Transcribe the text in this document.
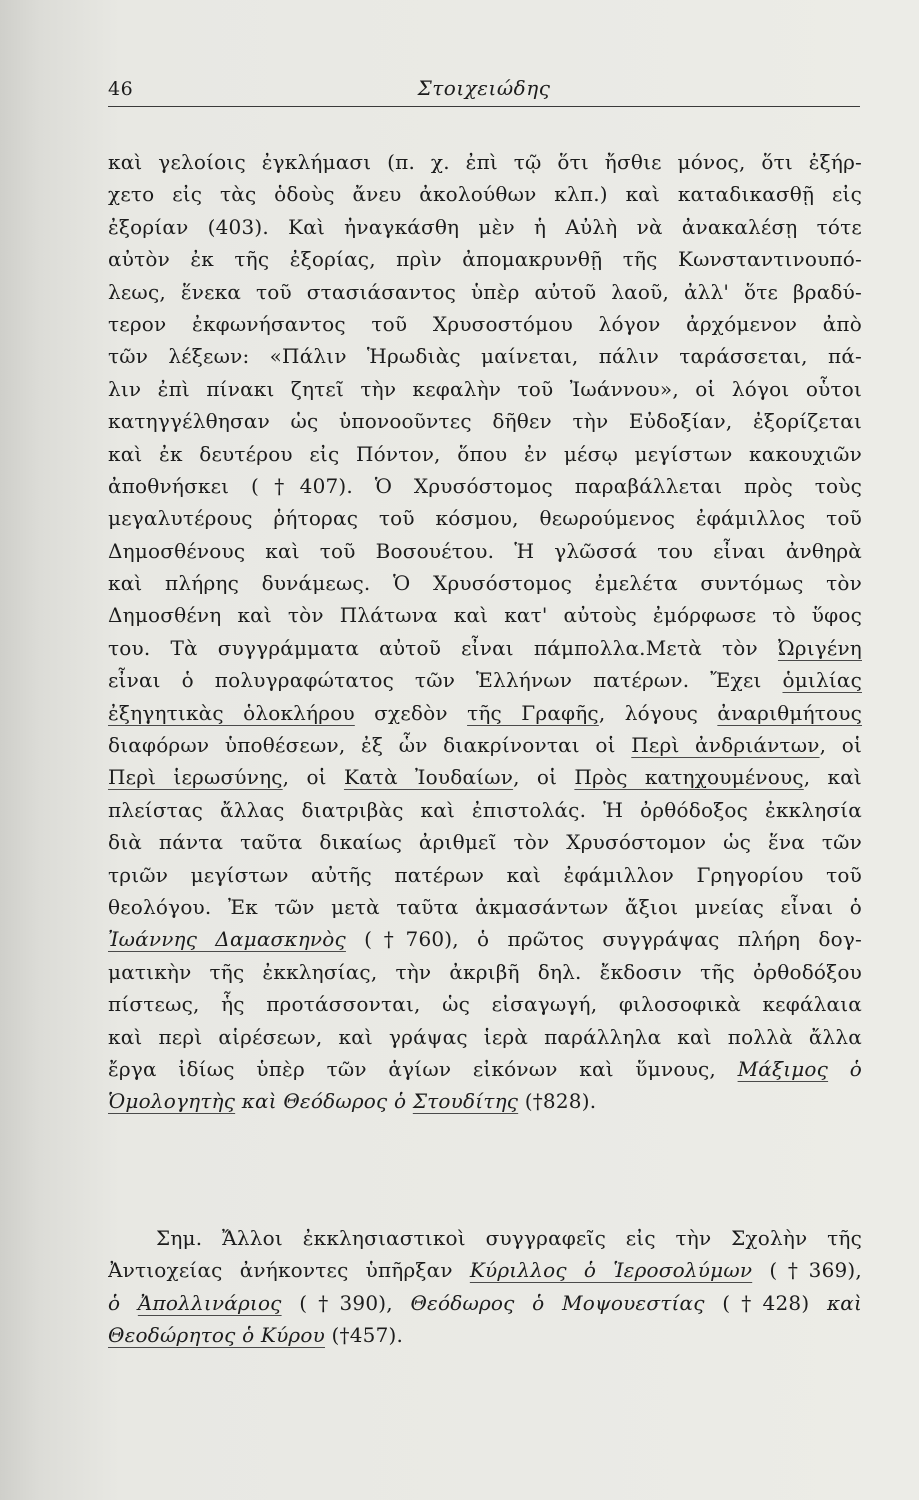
46	Στοιχειώδης
καὶ γελοίοις ἐγκλήμασι (π. χ. ἐπὶ τῷ ὅτι ἤσθιε μόνος, ὅτι ἐξήρ-
χετο εἰς τὰς ὁδοὺς ἄνευ ἀκολούθων κλπ.) καὶ καταδικασθῇ εἰς
ἐξορίαν (403). Καὶ ἠναγκάσθη μὲν ἡ Αὐλὴ νὰ ἀνακαλέσῃ τότε
αὐτὸν ἐκ τῆς ἐξορίας, πρὶν ἀπομακρυνθῇ τῆς Κωνσταντινουπό-
λεως, ἕνεκα τοῦ στασιάσαντος ὑπὲρ αὐτοῦ λαοῦ, ἀλλ' ὅτε βραδύ-
τερον ἐκφωνήσαντος τοῦ Χρυσοστόμου λόγον ἀρχόμενον ἀπὸ
τῶν λέξεων: «Πάλιν Ἡρωδιὰς μαίνεται, πάλιν ταράσσεται, πά-
λιν ἐπὶ πίνακι ζητεῖ τὴν κεφαλὴν τοῦ Ἰωάννου», οἱ λόγοι οὗτοι
κατηγγέλθησαν ὡς ὑπονοοῦντες δῆθεν τὴν Εὐδοξίαν, ἐξορίζεται
καὶ ἐκ δευτέρου εἰς Πόντον, ὅπου ἐν μέσῳ μεγίστων κακουχιῶν
ἀποθνήσκει (†407). Ὁ Χρυσόστομος παραβάλλεται πρὸς τοὺς
μεγαλυτέρους ῥήτορας τοῦ κόσμου, θεωρούμενος ἐφάμιλλος τοῦ
Δημοσθένους καὶ τοῦ Βοσουέτου. Ἡ γλῶσσά του εἶναι ἀνθηρὰ
καὶ πλήρης δυνάμεως. Ὁ Χρυσόστομος ἐμελέτα συντόμως τὸν
Δημοσθένη καὶ τὸν Πλάτωνα καὶ κατ' αὐτοὺς ἐμόρφωσε τὸ ὕφος
του. Τὰ συγγράμματα αὐτοῦ εἶναι πάμπολλα.Μετὰ τὸν Ὠριγένη
εἶναι ὁ πολυγραφώτατος τῶν Ἑλλήνων πατέρων. Ἔχει ὁμιλίας
ἐξηγητικὰς ὁλοκλήρου σχεδὸν τῆς Γραφῆς, λόγους ἀναριθμήτους
διαφόρων ὑποθέσεων, ἐξ ὧν διακρίνονται οἱ Περὶ ἀνδριάντων, οἱ
Περὶ ἱερωσύνης, οἱ Κατὰ Ἰουδαίων, οἱ Πρὸς κατηχουμένους, καὶ
πλείστας ἄλλας διατριβὰς καὶ ἐπιστολάς. Ἡ ὀρθόδοξος ἐκκλησία
διὰ πάντα ταῦτα δικαίως ἀριθμεῖ τὸν Χρυσόστομον ὡς ἕνα τῶν
τριῶν μεγίστων αὐτῆς πατέρων καὶ ἐφάμιλλον Γρηγορίου τοῦ
θεολόγου. Ἐκ τῶν μετὰ ταῦτα ἀκμασάντων ἄξιοι μνείας εἶναι ὁ
Ἰωάννης Δαμασκηνὸς (†760), ὁ πρῶτος συγγράψας πλήρη δογ-
ματικὴν τῆς ἐκκλησίας, τὴν ἀκριβῆ δηλ. ἔκδοσιν τῆς ὀρθοδόξου
πίστεως, ἧς προτάσσονται, ὡς εἰσαγωγή, φιλοσοφικὰ κεφάλαια
καὶ περὶ αἱρέσεων, καὶ γράψας ἱερὰ παράλληλα καὶ πολλὰ ἄλλα
ἔργα ἰδίως ὑπὲρ τῶν ἁγίων εἰκόνων καὶ ὕμνους, Μάξιμος ὁ
Ὁμολογητὴς καὶ Θεόδωρος ὁ Στουδίτης (†828).
Σημ. Ἄλλοι ἐκκλησιαστικοὶ συγγραφεῖς εἰς τὴν Σχολὴν τῆς
Ἀντιοχείας ἀνήκοντες ὑπῆρξαν Κύριλλος ὁ Ἱεροσολύμων (†369),
ὁ Ἀπολλινάριος (†390), Θεόδωρος ὁ Μοψουεστίας (†428) καὶ
Θεοδώρητος ὁ Κύρου (†457).
